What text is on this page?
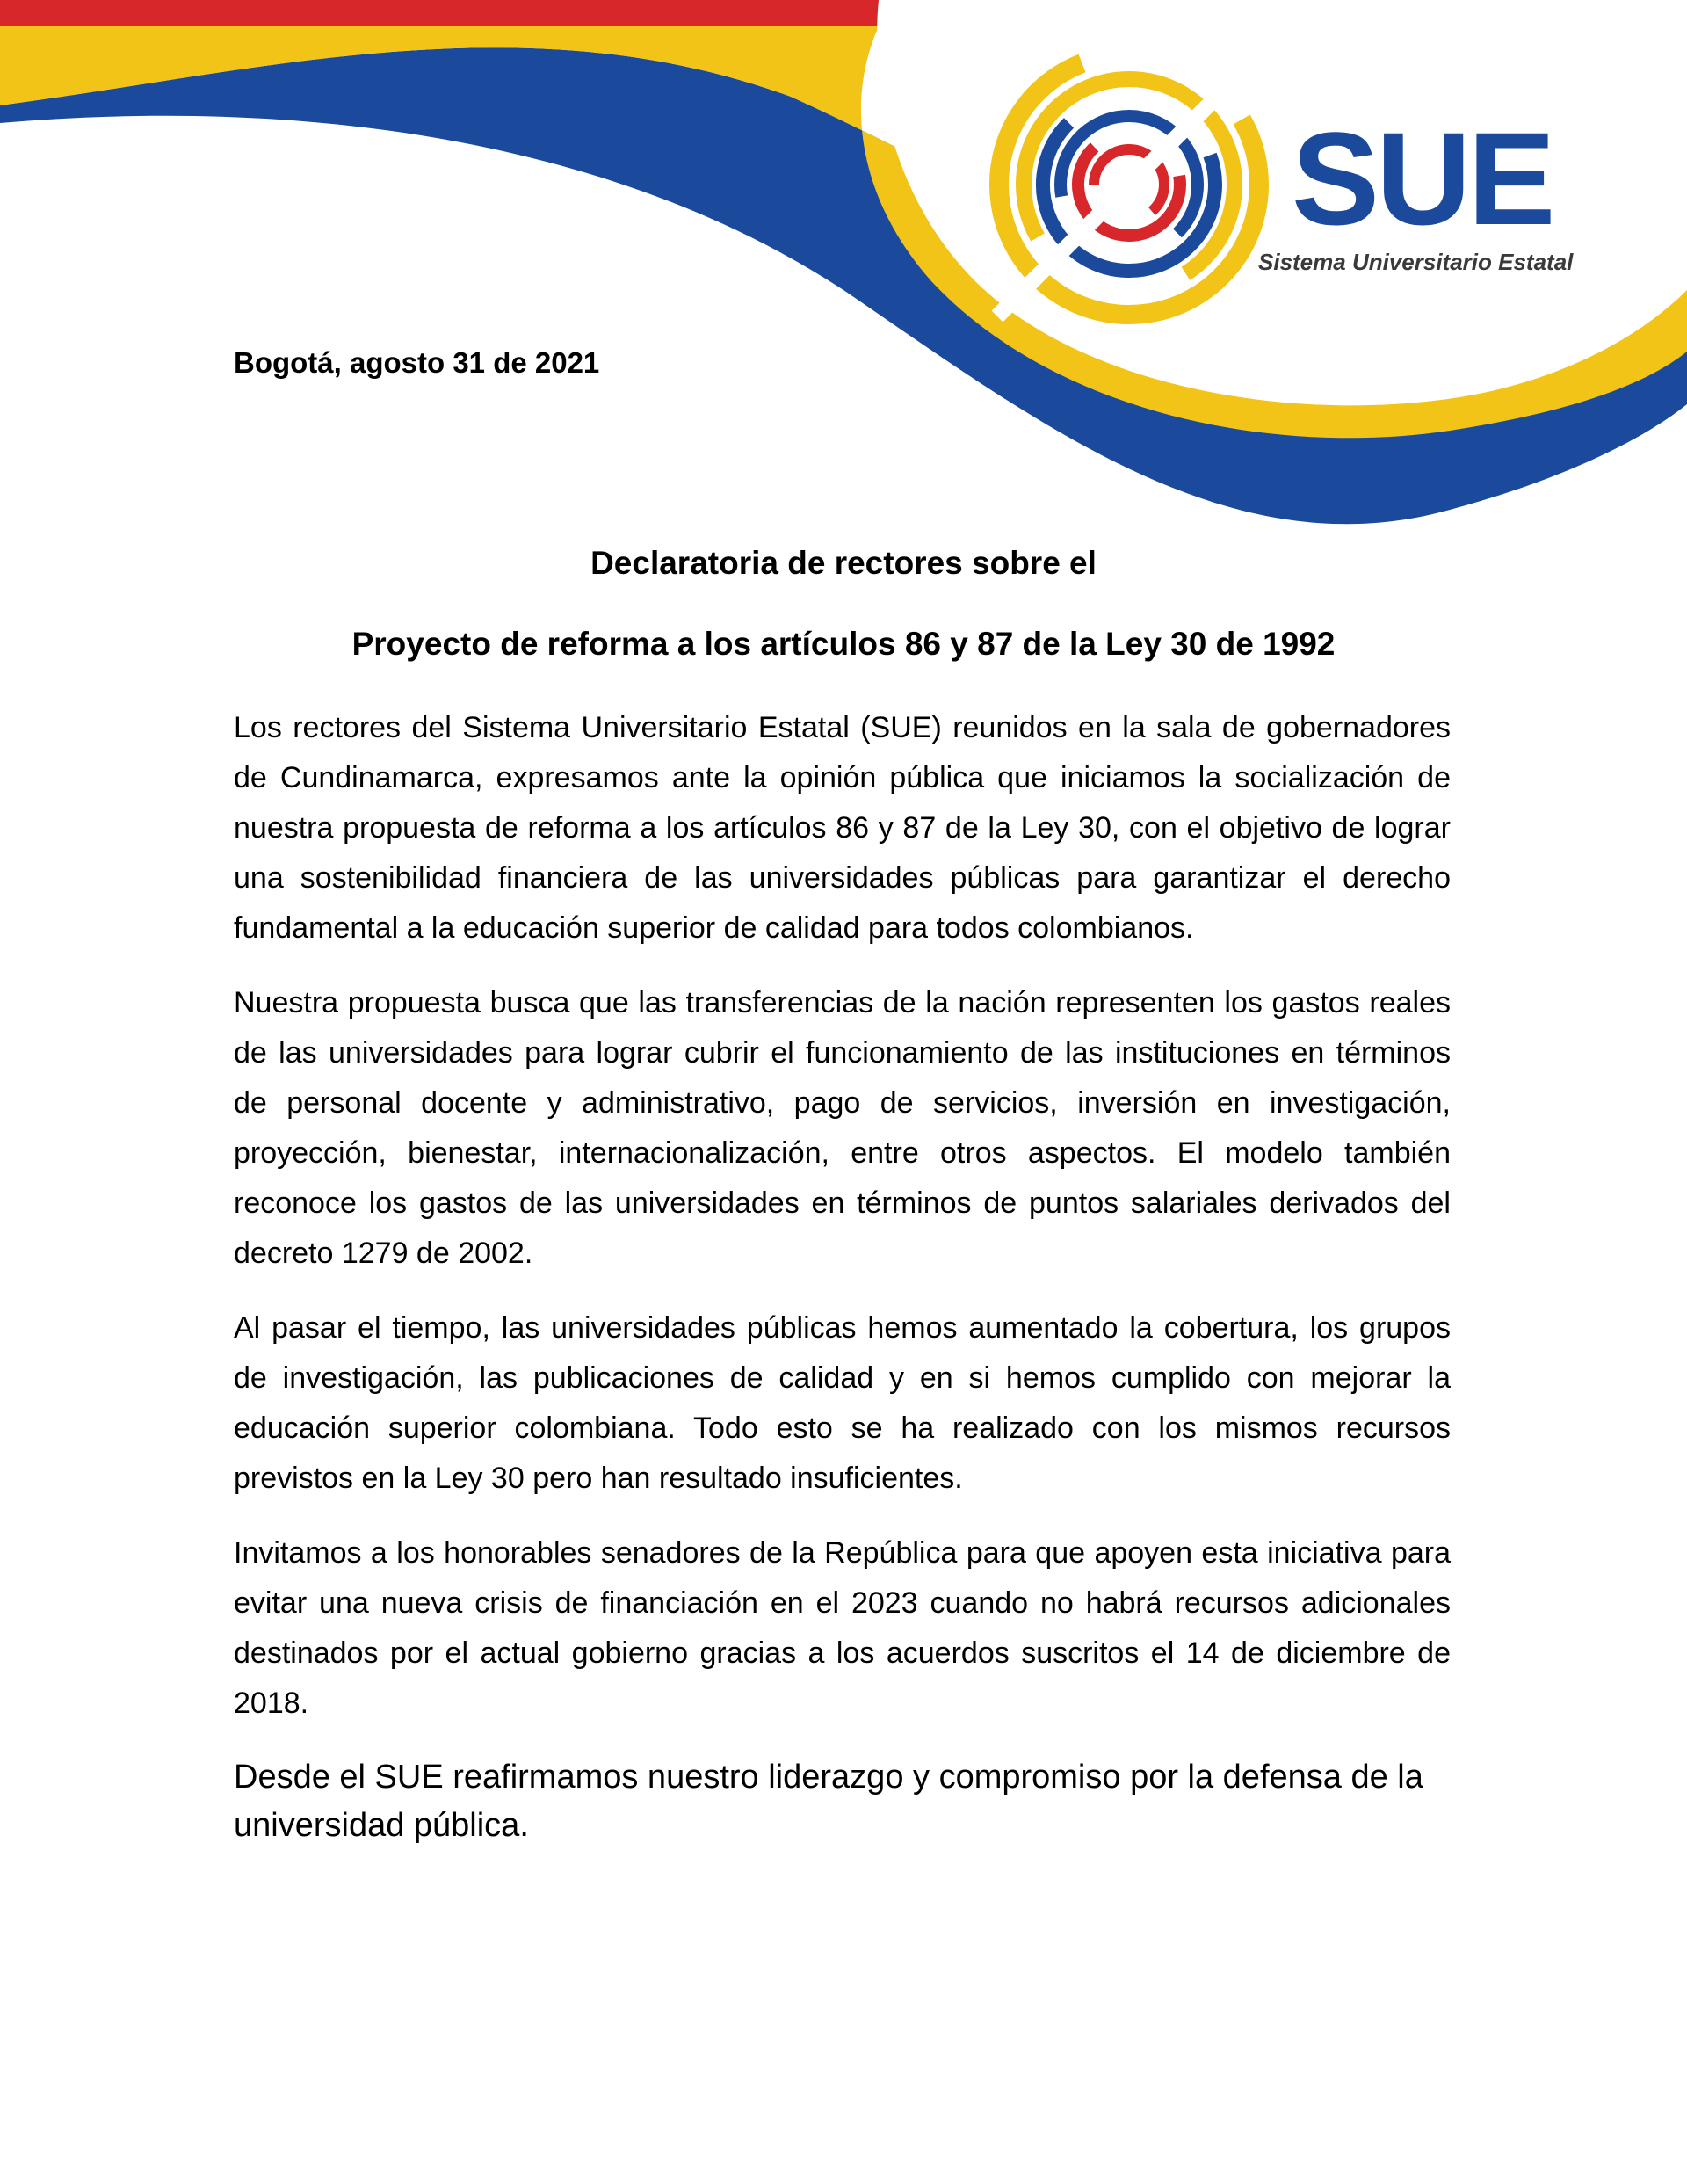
SUE
Sistema Universitario Estatal
Bogotá, agosto 31 de 2021
Declaratoria de rectores sobre el
Proyecto de reforma a los artículos 86 y 87 de la Ley 30 de 1992

Los rectores del Sistema Universitario Estatal (SUE) reunidos en la sala de gobernadores de Cundinamarca, expresamos ante la opinión pública que iniciamos la socialización de nuestra propuesta de reforma a los artículos 86 y 87 de la Ley 30, con el objetivo de lograr una sostenibilidad financiera de las universidades públicas para garantizar el derecho fundamental a la educación superior de calidad para todos colombianos.

Nuestra propuesta busca que las transferencias de la nación representen los gastos reales de las universidades para lograr cubrir el funcionamiento de las instituciones en términos de personal docente y administrativo, pago de servicios, inversión en investigación, proyección, bienestar, internacionalización, entre otros aspectos. El modelo también reconoce los gastos de las universidades en términos de puntos salariales derivados del decreto 1279 de 2002.

Al pasar el tiempo, las universidades públicas hemos aumentado la cobertura, los grupos de investigación, las publicaciones de calidad y en si hemos cumplido con mejorar la educación superior colombiana. Todo esto se ha realizado con los mismos recursos previstos en la Ley 30 pero han resultado insuficientes.

Invitamos a los honorables senadores de la República para que apoyen esta iniciativa para evitar una nueva crisis de financiación en el 2023 cuando no habrá recursos adicionales destinados por el actual gobierno gracias a los acuerdos suscritos el 14 de diciembre de 2018.

Desde el SUE reafirmamos nuestro liderazgo y compromiso por la defensa de la universidad pública.
